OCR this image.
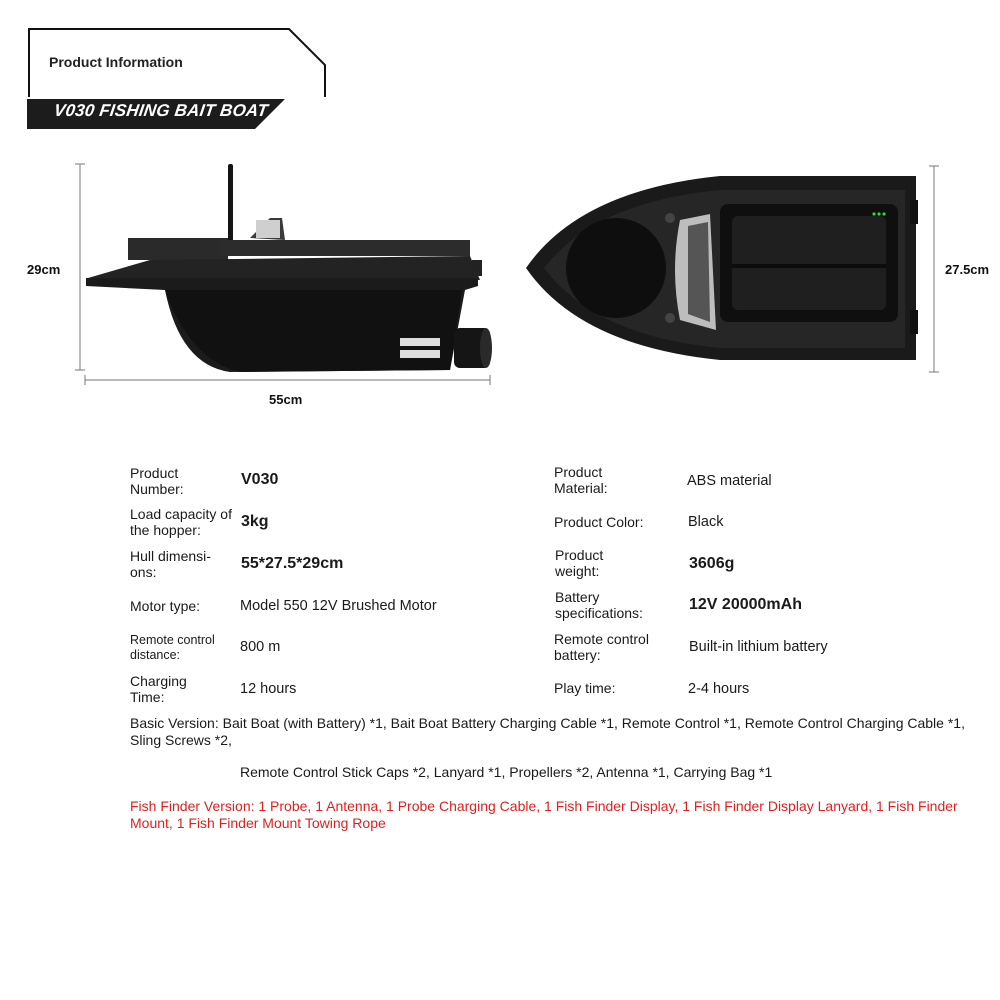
Product Information
V030 FISHING BAIT BOAT
29cm
55cm
27.5cm
Product Number:
V030
Load capacity of the hopper:	3kg
Hull dimensi-ons:	55*27.5*29cm
Motor type:	Model 550 12V Brushed Motor
Remote control distance:	800 m
Charging Time:	12 hours
Product Material:	ABS material
Product Color:	Black
Product weight:	3606g
Battery specifications:	12V 20000mAh
Remote control battery:	Built-in lithium battery
Play time:	2-4 hours
Basic Version: Bait Boat (with Battery) *1, Bait Boat Battery Charging Cable *1, Remote Control *1, Remote Control Charging Cable *1, Sling Screws *2,
Remote Control Stick Caps *2, Lanyard *1, Propellers *2, Antenna *1, Carrying Bag *1
Fish Finder Version: 1 Probe, 1 Antenna, 1 Probe Charging Cable, 1 Fish Finder Display, 1 Fish Finder Display Lanyard, 1 Fish Finder Mount, 1 Fish Finder Mount Towing Rope
